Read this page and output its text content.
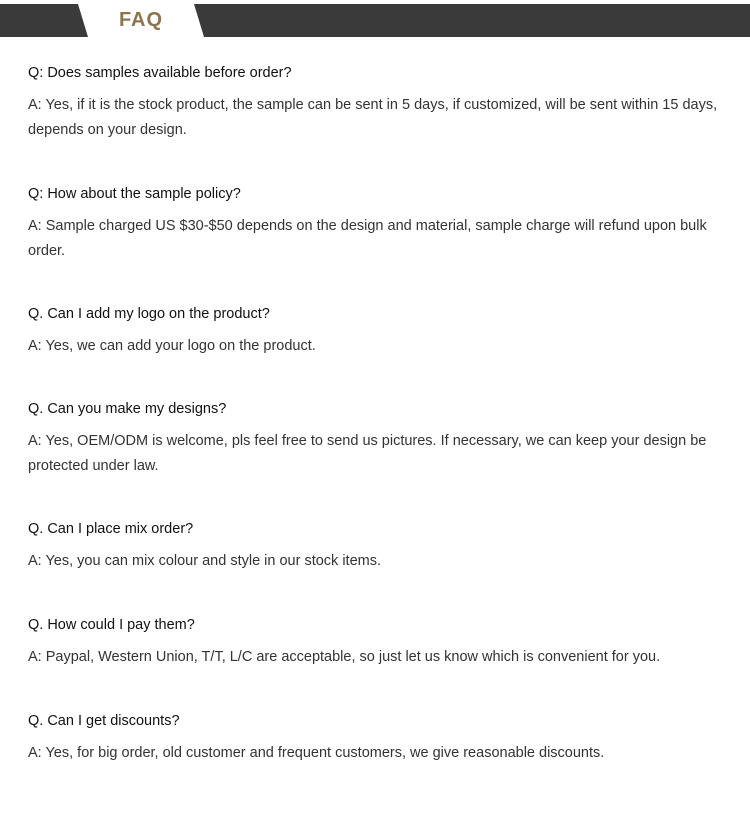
FAQ

Q: Does samples available before order?

A: Yes, if it is the stock product, the sample can be sent in 5 days, if customized, will be sent within 15 days, depends on your design.

Q: How about the sample policy?

A: Sample charged US $30-$50 depends on the design and material, sample charge will refund upon bulk order.

Q. Can I add my logo on the product?

A: Yes, we can add your logo on the product.

Q. Can you make my designs?

A: Yes, OEM/ODM is welcome, pls feel free to send us pictures. If necessary, we can keep your design be protected under law.

Q. Can I place mix order?

A: Yes, you can mix colour and style in our stock items.

Q. How could I pay them?

A: Paypal, Western Union, T/T, L/C are acceptable, so just let us know which is convenient for you.

Q. Can I get discounts?

A: Yes, for big order, old customer and frequent customers, we give reasonable discounts.
